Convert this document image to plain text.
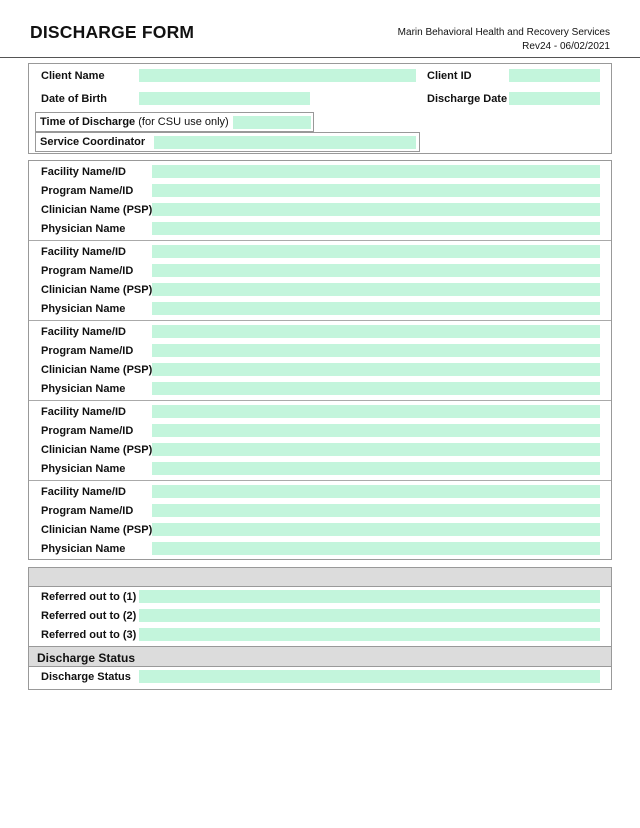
DISCHARGE FORM	Marin Behavioral Health and Recovery Services
Rev24 - 06/02/2021
Client Name	Client ID
Date of Birth	Discharge Date
Time of Discharge (for CSU use only)
Service Coordinator
Facility Name/ID
Program Name/ID
Clinician Name (PSP)
Physician Name
Facility Name/ID
Program Name/ID
Clinician Name (PSP)
Physician Name
Facility Name/ID
Program Name/ID
Clinician Name (PSP)
Physician Name
Facility Name/ID
Program Name/ID
Clinician Name (PSP)
Physician Name
Facility Name/ID
Program Name/ID
Clinician Name (PSP)
Physician Name
Referred out to (1)
Referred out to (2)
Referred out to (3)
Discharge Status
Discharge Status
